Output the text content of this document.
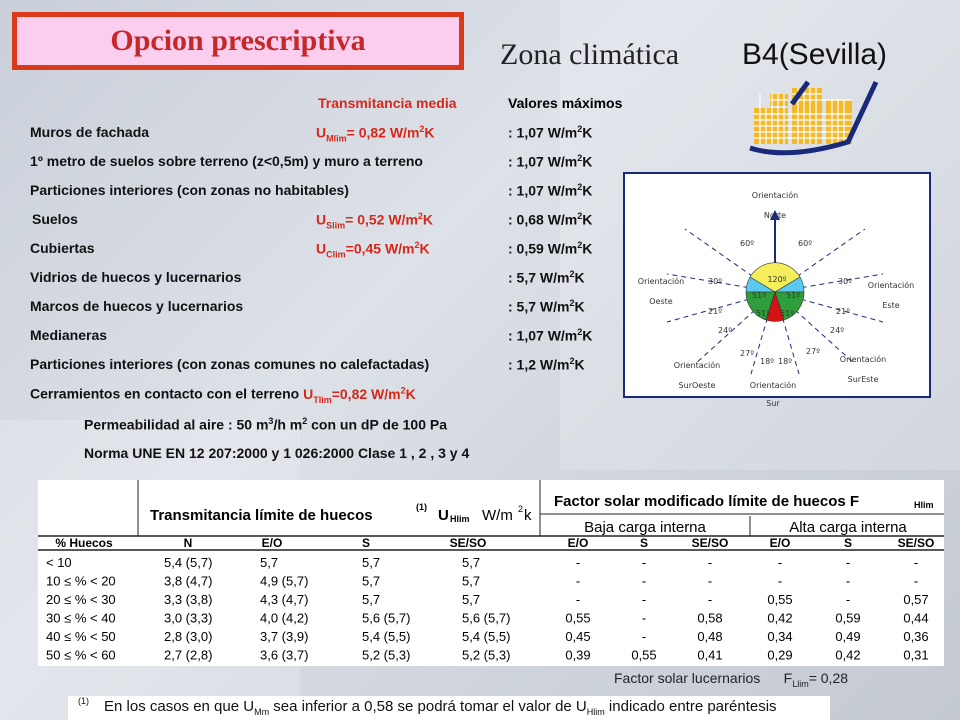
Opcion prescriptiva	Zona climática B4(Sevilla)
Transmitancia media	Valores máximos
Muros de fachada	$U_{Mlim}= 0,82$ $W/m^2K$	: 1,07 $W/m^2K$
1º metro de suelos sobre terreno (z<0,5m) y muro a terreno	: 1,07 $W/m^2K$
Particiones interiores (con zonas no habitables)	: 1,07 $W/m^2K$
Suelos	$U_{Slim}= 0,52$ $W/m^2K$	: 0,68 $W/m^2K$
Cubiertas	$U_{Clim}=0,45$ $W/m^2K$	: 0,59 $W/m^2K$
Vidrios de huecos y lucernarios	: 5,7 $W/m^2K$
Marcos de huecos y lucernarios	: 5,7 $W/m^2K$
Medianeras	: 1,07 $W/m^2K$
Particiones interiores (con zonas comunes no calefactadas)	: 1,2 $W/m^2K$
Cerramientos en contacto con el terreno $U_{Tlim}=0,82$ $W/m^2K$
Permeabilidad al aire : 50 $m^3/h$ $m^2$ con un dP de 100 Pa
Norma UNE EN 12 207:2000 y 1 026:2000 Clase 1 , 2 , 3 y 4
Orientación
Norte
Orientación
Oeste
Orientación
Este
Orientación
SurOeste
Orientación
SurEste
Orientación
Sur
60º	60º
30º	30º
21º	21º
24º	24º
27º	27º
18º 18º
120º
51º	51º
51º 51º
Transmitancia límite de huecos	(1) U Hlim W/m 2 k
Factor solar modificado límite de huecos F	Hlim
Baja carga interna	Alta carga interna
% Huecos	N	E/O	S	SE/SO	E/O	S	SE/SO	E/O	S	SE/SO
< 10	5,4 (5,7)	5,7	5,7	5,7	-	-	-	-	-	-
10 ≤ % < 20	3,8 (4,7)	4,9 (5,7)	5,7	5,7	-	-	-	-	-	-
20 ≤ % < 30	3,3 (3,8)	4,3 (4,7)	5,7	5,7	-	-	-	0,55	-	0,57
30 ≤ % < 40	3,0 (3,3)	4,0 (4,2)	5,6 (5,7)	5,6 (5,7)	0,55	-	0,58	0,42	0,59	0,44
40 ≤ % < 50	2,8 (3,0)	3,7 (3,9)	5,4 (5,5)	5,4 (5,5)	0,45	-	0,48	0,34	0,49	0,36
50 ≤ % < 60	2,7 (2,8)	3,6 (3,7)	5,2 (5,3)	5,2 (5,3)	0,39	0,55	0,41	0,29	0,42	0,31
Factor solar lucernarios $F_{Llim}= 0,28$
(1) En los casos en que $U_{Mm}$ sea inferior a 0,58 se podrá tomar el valor de $U_{Hlim}$ indicado entre paréntesis
